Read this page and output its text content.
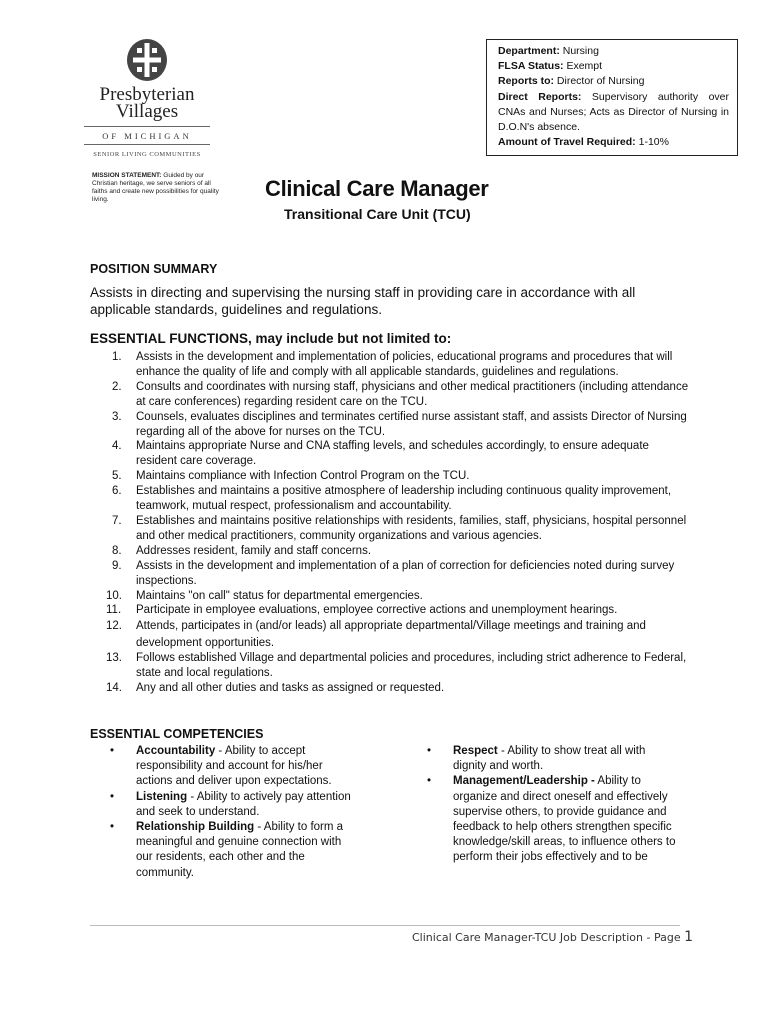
Presbyterian
Villages
OF MICHIGAN
SENIOR LIVING COMMUNITIES
MISSION STATEMENT: Guided by our Christian heritage, we serve seniors of all faiths and create new possibilities for quality living.
Department: Nursing
FLSA Status: Exempt
Reports to: Director of Nursing
Direct Reports: Supervisory authority over CNAs and Nurses; Acts as Director of Nursing in D.O.N's absence.
Amount of Travel Required: 1-10%
Clinical Care Manager
Transitional Care Unit (TCU)
POSITION SUMMARY
Assists in directing and supervising the nursing staff in providing care in accordance with all applicable standards, guidelines and regulations.
ESSENTIAL FUNCTIONS, may include but not limited to:
1.	Assists in the development and implementation of policies, educational programs and procedures that will enhance the quality of life and comply with all applicable standards, guidelines and regulations.
2.	Consults and coordinates with nursing staff, physicians and other medical practitioners (including attendance at care conferences) regarding resident care on the TCU.
3.	Counsels, evaluates disciplines and terminates certified nurse assistant staff, and assists Director of Nursing regarding all of the above for nurses on the TCU.
4.	Maintains appropriate Nurse and CNA staffing levels, and schedules accordingly, to ensure adequate resident care coverage.
5.	Maintains compliance with Infection Control Program on the TCU.
6.	Establishes and maintains a positive atmosphere of leadership including continuous quality improvement, teamwork, mutual respect, professionalism and accountability.
7.	Establishes and maintains positive relationships with residents, families, staff, physicians, hospital personnel and other medical practitioners, community organizations and various agencies.
8.	Addresses resident, family and staff concerns.
9.	Assists in the development and implementation of a plan of correction for deficiencies noted during survey inspections.
10.	Maintains "on call" status for departmental emergencies.
11.	Participate in employee evaluations, employee corrective actions and unemployment hearings.
12.	Attends, participates in (and/or leads) all appropriate departmental/Village meetings and training and development opportunities.
13.	Follows established Village and departmental policies and procedures, including strict adherence to Federal, state and local regulations.
14.	Any and all other duties and tasks as assigned or requested.
ESSENTIAL COMPETENCIES
•	Accountability - Ability to accept responsibility and account for his/her actions and deliver upon expectations.
•	Listening - Ability to actively pay attention and seek to understand.
•	Relationship Building - Ability to form a meaningful and genuine connection with our residents, each other and the community.
•	Respect - Ability to show treat all with dignity and worth.
•	Management/Leadership - Ability to organize and direct oneself and effectively supervise others, to provide guidance and feedback to help others strengthen specific knowledge/skill areas, to influence others to perform their jobs effectively and to be
Clinical Care Manager-TCU Job Description - Page 1
